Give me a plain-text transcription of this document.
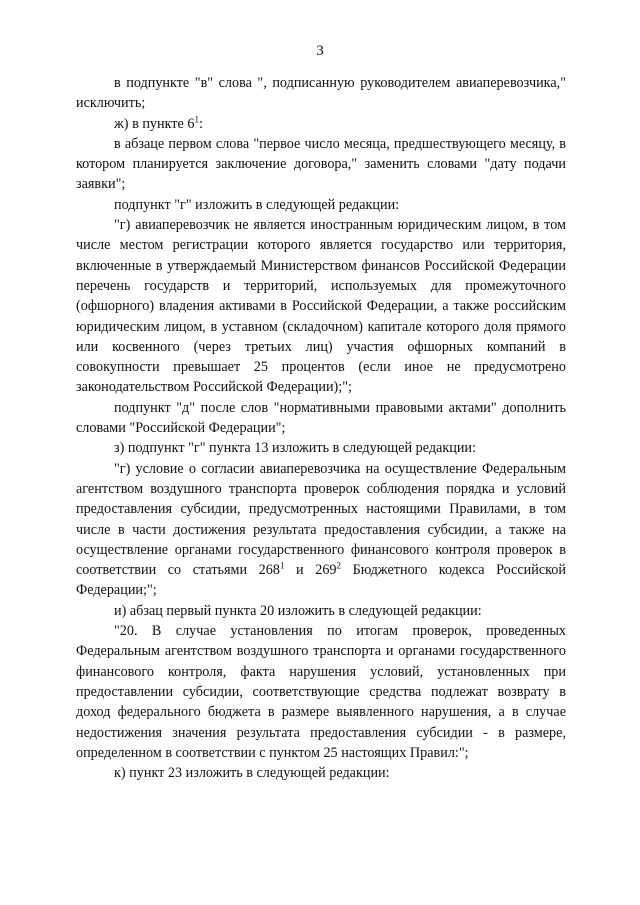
3

в подпункте "в" слова ", подписанную руководителем авиаперевозчика," исключить;

ж) в пункте $6^1$:

в абзаце первом слова "первое число месяца, предшествующего месяцу, в котором планируется заключение договора," заменить словами "дату подачи заявки";

подпункт "г" изложить в следующей редакции:

"г) авиаперевозчик не является иностранным юридическим лицом, в том числе местом регистрации которого является государство или территория, включенные в утверждаемый Министерством финансов Российской Федерации перечень государств и территорий, используемых для промежуточного (офшорного) владения активами в Российской Федерации, а также российским юридическим лицом, в уставном (складочном) капитале которого доля прямого или косвенного (через третьих лиц) участия офшорных компаний в совокупности превышает 25 процентов (если иное не предусмотрено законодательством Российской Федерации);";

подпункт "д" после слов "нормативными правовыми актами" дополнить словами "Российской Федерации";

з) подпункт "г" пункта 13 изложить в следующей редакции:

"г) условие о согласии авиаперевозчика на осуществление Федеральным агентством воздушного транспорта проверок соблюдения порядка и условий предоставления субсидии, предусмотренных настоящими Правилами, в том числе в части достижения результата предоставления субсидии, а также на осуществление органами государственного финансового контроля проверок в соответствии со статьями $268^1$ и $269^2$ Бюджетного кодекса Российской Федерации;";

и) абзац первый пункта 20 изложить в следующей редакции:

"20. В случае установления по итогам проверок, проведенных Федеральным агентством воздушного транспорта и органами государственного финансового контроля, факта нарушения условий, установленных при предоставлении субсидии, соответствующие средства подлежат возврату в доход федерального бюджета в размере выявленного нарушения, а в случае недостижения значения результата предоставления субсидии - в размере, определенном в соответствии с пунктом 25 настоящих Правил:";

к) пункт 23 изложить в следующей редакции:
